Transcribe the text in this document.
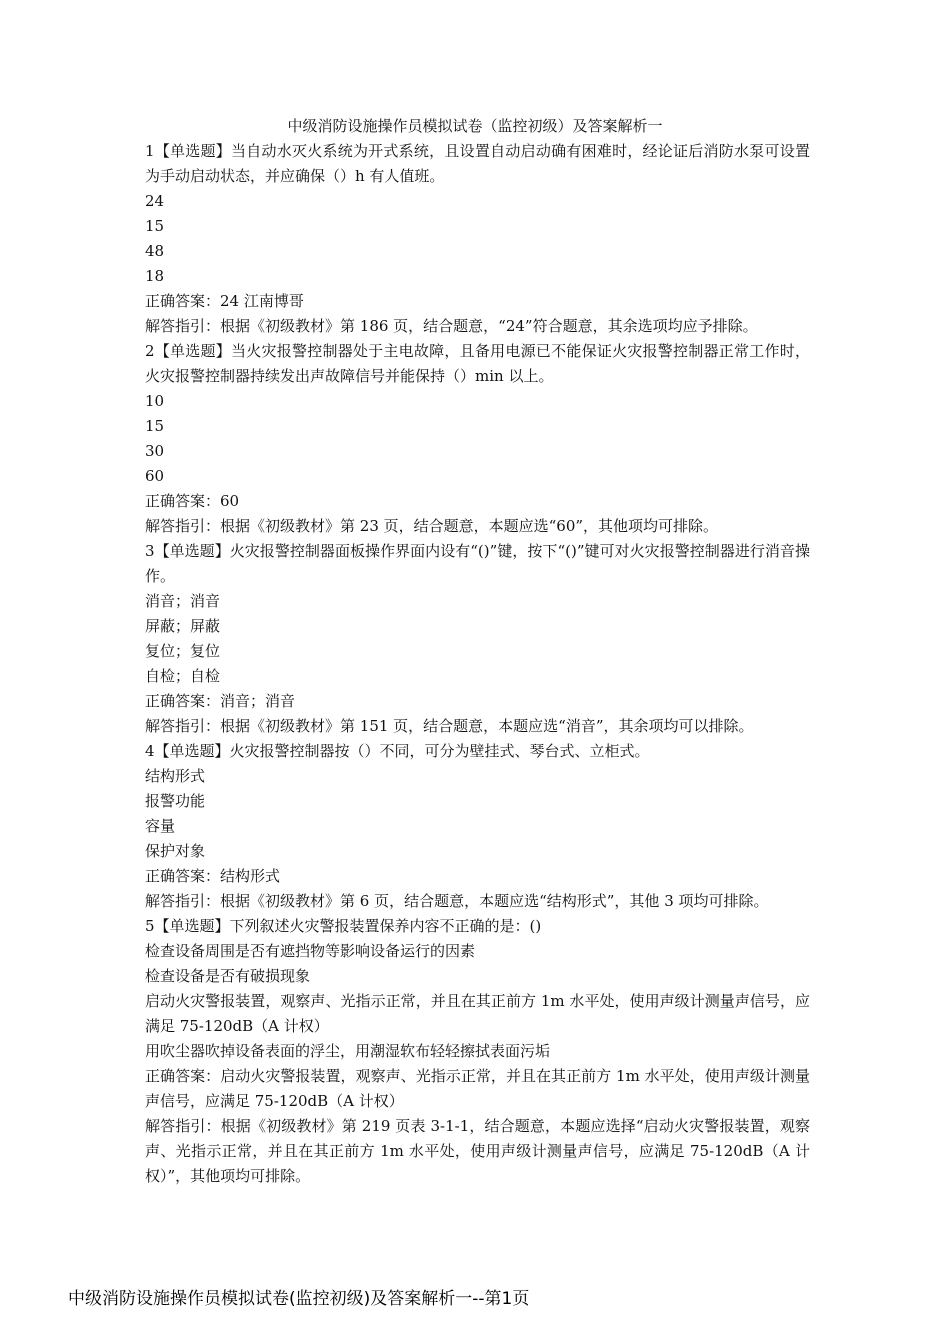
中级消防设施操作员模拟试卷（监控初级）及答案解析一
1【单选题】当自动水灭火系统为开式系统，且设置自动启动确有困难时，经论证后消防水泵可设置为手动启动状态，并应确保（）h 有人值班。
24
15
48
18
正确答案：24 江南博哥
解答指引：根据《初级教材》第 186 页，结合题意，“24”符合题意，其余选项均应予排除。
2【单选题】当火灾报警控制器处于主电故障，且备用电源已不能保证火灾报警控制器正常工作时，火灾报警控制器持续发出声故障信号并能保持（）min 以上。
10
15
30
60
正确答案：60
解答指引：根据《初级教材》第 23 页，结合题意，本题应选“60”，其他项均可排除。
3【单选题】火灾报警控制器面板操作界面内设有“()”键，按下“()”键可对火灾报警控制器进行消音操作。
消音；消音
屏蔽；屏蔽
复位；复位
自检；自检
正确答案：消音；消音
解答指引：根据《初级教材》第 151 页，结合题意，本题应选“消音”，其余项均可以排除。
4【单选题】火灾报警控制器按（）不同，可分为壁挂式、琴台式、立柜式。
结构形式
报警功能
容量
保护对象
正确答案：结构形式
解答指引：根据《初级教材》第 6 页，结合题意，本题应选“结构形式”，其他 3 项均可排除。
5【单选题】下列叙述火灾警报装置保养内容不正确的是：()
检查设备周围是否有遮挡物等影响设备运行的因素
检查设备是否有破损现象
启动火灾警报装置，观察声、光指示正常，并且在其正前方 1m 水平处，使用声级计测量声信号，应满足 75-120dB（A 计权）
用吹尘器吹掉设备表面的浮尘，用潮湿软布轻轻擦拭表面污垢
正确答案：启动火灾警报装置，观察声、光指示正常，并且在其正前方 1m 水平处，使用声级计测量声信号，应满足 75-120dB（A 计权）
解答指引：根据《初级教材》第 219 页表 3-1-1，结合题意，本题应选择“启动火灾警报装置，观察声、光指示正常，并且在其正前方 1m 水平处，使用声级计测量声信号，应满足 75-120dB（A 计权）”，其他项均可排除。
中级消防设施操作员模拟试卷(监控初级)及答案解析一--第1页
